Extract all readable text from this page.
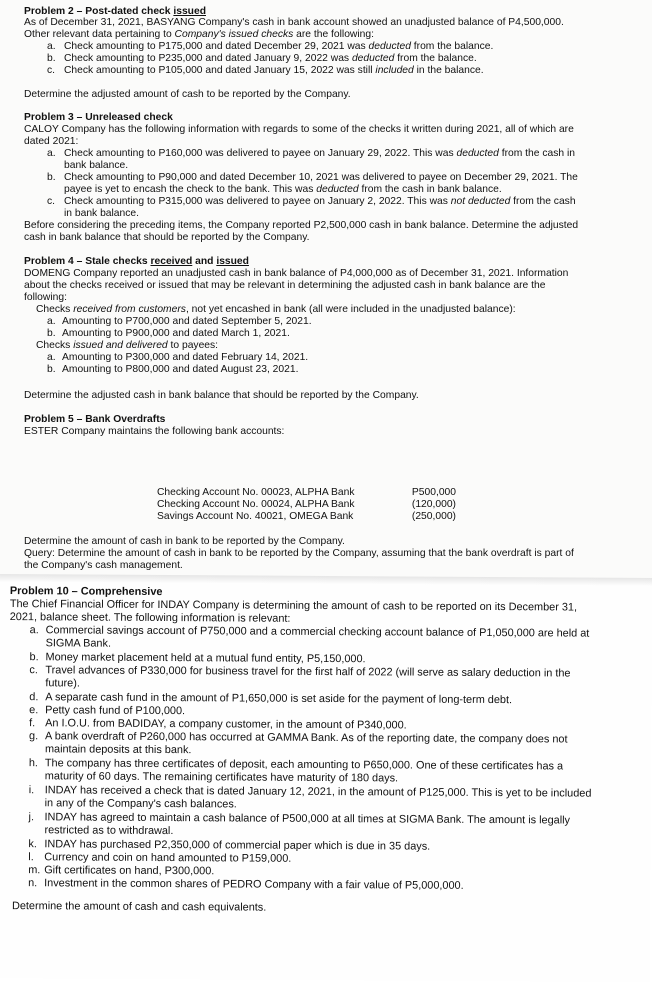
Problem 2 – Post-dated check issued
As of December 31, 2021, BASYANG Company's cash in bank account showed an unadjusted balance of P4,500,000.
Other relevant data pertaining to Company's issued checks are the following:
a. Check amounting to P175,000 and dated December 29, 2021 was deducted from the balance.
b. Check amounting to P235,000 and dated January 9, 2022 was deducted from the balance.
c. Check amounting to P105,000 and dated January 15, 2022 was still included in the balance.
Determine the adjusted amount of cash to be reported by the Company.
Problem 3 – Unreleased check
CALOY Company has the following information with regards to some of the checks it written during 2021, all of which are
dated 2021:
a. Check amounting to P160,000 was delivered to payee on January 29, 2022. This was deducted from the cash in
bank balance.
b. Check amounting to P90,000 and dated December 10, 2021 was delivered to payee on December 29, 2021. The
payee is yet to encash the check to the bank. This was deducted from the cash in bank balance.
c. Check amounting to P315,000 was delivered to payee on January 2, 2022. This was not deducted from the cash
in bank balance.
Before considering the preceding items, the Company reported P2,500,000 cash in bank balance. Determine the adjusted
cash in bank balance that should be reported by the Company.
Problem 4 – Stale checks received and issued
DOMENG Company reported an unadjusted cash in bank balance of P4,000,000 as of December 31, 2021. Information
about the checks received or issued that may be relevant in determining the adjusted cash in bank balance are the
following:
Checks received from customers, not yet encashed in bank (all were included in the unadjusted balance):
a. Amounting to P700,000 and dated September 5, 2021.
b. Amounting to P900,000 and dated March 1, 2021.
Checks issued and delivered to payees:
a. Amounting to P300,000 and dated February 14, 2021.
b. Amounting to P800,000 and dated August 23, 2021.
Determine the adjusted cash in bank balance that should be reported by the Company.
Problem 5 – Bank Overdrafts
ESTER Company maintains the following bank accounts:
Checking Account No. 00023, ALPHA Bank	P500,000
Checking Account No. 00024, ALPHA Bank	(120,000)
Savings Account No. 40021, OMEGA Bank	(250,000)
Determine the amount of cash in bank to be reported by the Company.
Query: Determine the amount of cash in bank to be reported by the Company, assuming that the bank overdraft is part of
the Company's cash management.
Problem 10 – Comprehensive
The Chief Financial Officer for INDAY Company is determining the amount of cash to be reported on its December 31,
2021, balance sheet. The following information is relevant:
a. Commercial savings account of P750,000 and a commercial checking account balance of P1,050,000 are held at
SIGMA Bank.
b. Money market placement held at a mutual fund entity, P5,150,000.
c. Travel advances of P330,000 for business travel for the first half of 2022 (will serve as salary deduction in the
future).
d. A separate cash fund in the amount of P1,650,000 is set aside for the payment of long-term debt.
e. Petty cash fund of P100,000.
f. An I.O.U. from BADIDAY, a company customer, in the amount of P340,000.
g. A bank overdraft of P260,000 has occurred at GAMMA Bank. As of the reporting date, the company does not
maintain deposits at this bank.
h. The company has three certificates of deposit, each amounting to P650,000. One of these certificates has a
maturity of 60 days. The remaining certificates have maturity of 180 days.
i. INDAY has received a check that is dated January 12, 2021, in the amount of P125,000. This is yet to be included
in any of the Company's cash balances.
j. INDAY has agreed to maintain a cash balance of P500,000 at all times at SIGMA Bank. The amount is legally
restricted as to withdrawal.
k. INDAY has purchased P2,350,000 of commercial paper which is due in 35 days.
l. Currency and coin on hand amounted to P159,000.
m. Gift certificates on hand, P300,000.
n. Investment in the common shares of PEDRO Company with a fair value of P5,000,000.
Determine the amount of cash and cash equivalents.
